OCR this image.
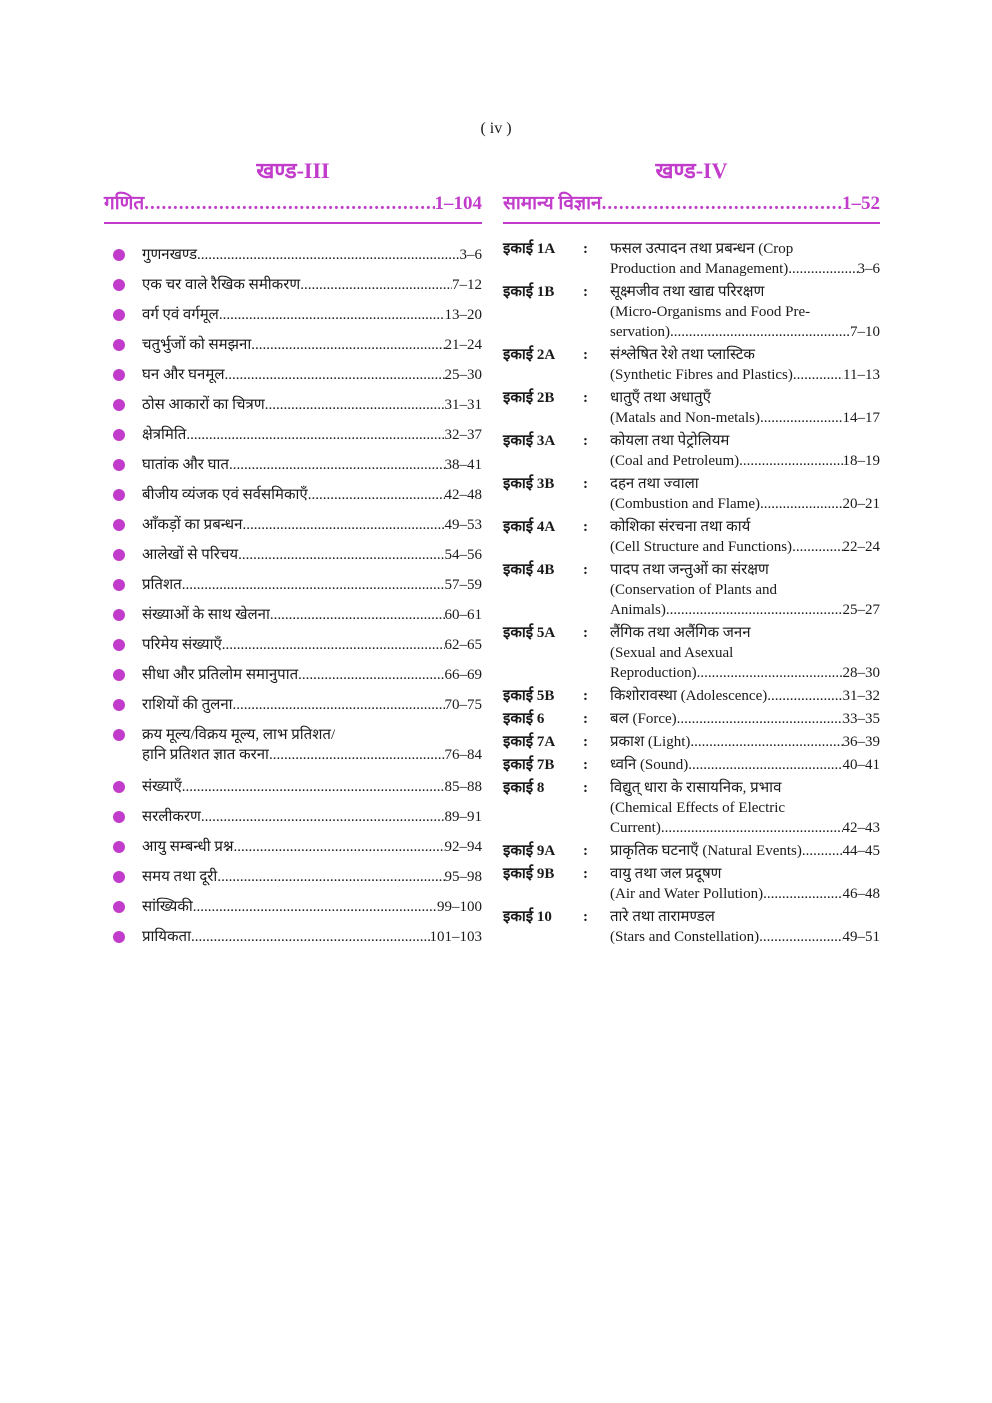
( iv )
खण्ड-III
गणित .....	1–104
गुणनखण्ड .....	3–6
एक चर वाले रैखिक समीकरण .....	7–12
वर्ग एवं वर्गमूल .....	13–20
चतुर्भुजों को समझना .....	21–24
घन और घनमूल .....	25–30
ठोस आकारों का चित्रण .....	31–31
क्षेत्रमिति .....	32–37
घातांक और घात .....	38–41
बीजीय व्यंजक एवं सर्वसमिकाएँ .....	42–48
आँकड़ों का प्रबन्धन .....	49–53
आलेखों से परिचय .....	54–56
प्रतिशत .....	57–59
संख्याओं के साथ खेलना .....	60–61
परिमेय संख्याएँ .....	62–65
सीधा और प्रतिलोम समानुपात .....	66–69
राशियों की तुलना .....	70–75
क्रय मूल्य/विक्रय मूल्य, लाभ प्रतिशत/
हानि प्रतिशत ज्ञात करना .....	76–84
संख्याएँ .....	85–88
सरलीकरण .....	89–91
आयु सम्बन्धी प्रश्न .....	92–94
समय तथा दूरी .....	95–98
सांख्यिकी .....	99–100
प्रायिकता .....	101–103
खण्ड-IV
सामान्य विज्ञान .....	1–52
इकाई 1A	:	फसल उत्पादन तथा प्रबन्धन (Crop
Production and Management) .....	3–6
इकाई 1B	:	सूक्ष्मजीव तथा खाद्य परिरक्षण
(Micro-Organisms and Food Pre-
servation) .....	7–10
इकाई 2A	:	संश्लेषित रेशे तथा प्लास्टिक
(Synthetic Fibres and Plastics) .....	11–13
इकाई 2B	:	धातुएँ तथा अधातुएँ
(Matals and Non-metals) .....	14–17
इकाई 3A	:	कोयला तथा पेट्रोलियम
(Coal and Petroleum) .....	18–19
इकाई 3B	:	दहन तथा ज्वाला
(Combustion and Flame) .....	20–21
इकाई 4A	:	कोशिका संरचना तथा कार्य
(Cell Structure and Functions) .....	22–24
इकाई 4B	:	पादप तथा जन्तुओं का संरक्षण
(Conservation of Plants and
Animals) .....	25–27
इकाई 5A	:	लैंगिक तथा अलैंगिक जनन
(Sexual and Asexual
Reproduction) .....	28–30
इकाई 5B	:	किशोरावस्था (Adolescence) .....	31–32
इकाई 6	:	बल (Force) .....	33–35
इकाई 7A	:	प्रकाश (Light) .....	36–39
इकाई 7B	:	ध्वनि (Sound) .....	40–41
इकाई 8	:	विद्युत् धारा के रासायनिक, प्रभाव
(Chemical Effects of Electric
Current) .....	42–43
इकाई 9A	:	प्राकृतिक घटनाएँ (Natural Events) .....	44–45
इकाई 9B	:	वायु तथा जल प्रदूषण
(Air and Water Pollution) .....	46–48
इकाई 10	:	तारे तथा तारामण्डल
(Stars and Constellation) .....	49–51
